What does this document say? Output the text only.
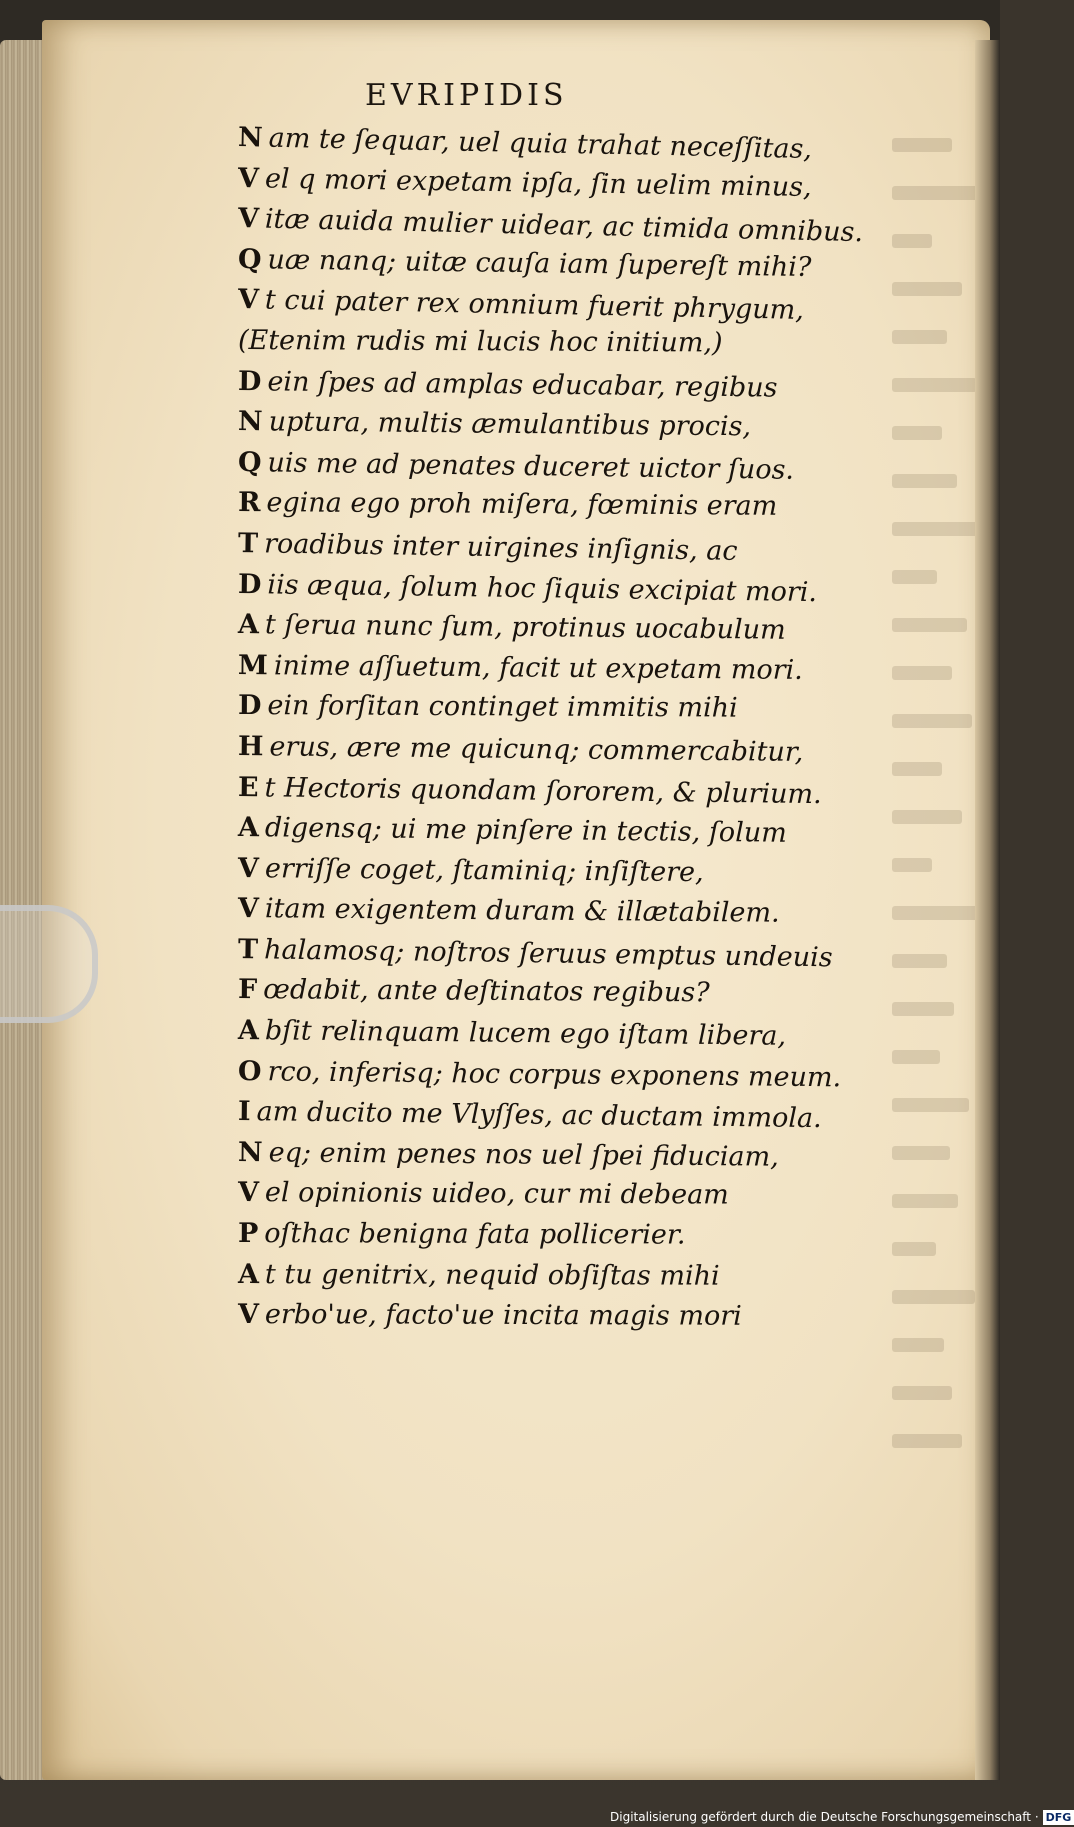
EVRIPIDIS
N am te ſequar, uel quia trahat neceſſitas,
V el q mori expetam ipſa, ſin uelim minus,
V itæ auida mulier uidear, ac timida omnibus.
Q uæ nanq; uitæ cauſa iam ſupereſt mihi?
V t cui pater rex omnium fuerit phrygum,
(Etenim rudis mi lucis hoc initium,)
D ein ſpes ad amplas educabar, regibus
N uptura, multis æmulantibus procis,
Q uis me ad penates duceret uictor ſuos.
R egina ego proh miſera, fœminis eram
T roadibus inter uirgines inſignis, ac
D iis æqua, ſolum hoc ſiquis excipiat mori.
A t ſerua nunc ſum, protinus uocabulum
M inime aſſuetum, facit ut expetam mori.
D ein forſitan continget immitis mihi
H erus, ære me quicunq; commercabitur,
E t Hectoris quondam ſororem, & plurium.
A digensq; ui me pinſere in tectis, ſolum
V erriſſe coget, ſtaminiq; inſiſtere,
V itam exigentem duram & illætabilem.
T halamosq; noſtros ſeruus emptus undeuis
F œdabit, ante deſtinatos regibus?
A bſit relinquam lucem ego iſtam libera,
O rco, inferisq; hoc corpus exponens meum.
I am ducito me Vlyſſes, ac ductam immola.
N eq; enim penes nos uel ſpei fiduciam,
V el opinionis uideo, cur mi debeam
P oſthac benigna fata pollicerier.
A t tu genitrix, nequid obſiſtas mihi
V erbo'ue, facto'ue incita magis mori
Digitalisierung gefördert durch die Deutsche Forschungsgemeinschaft · DFG
